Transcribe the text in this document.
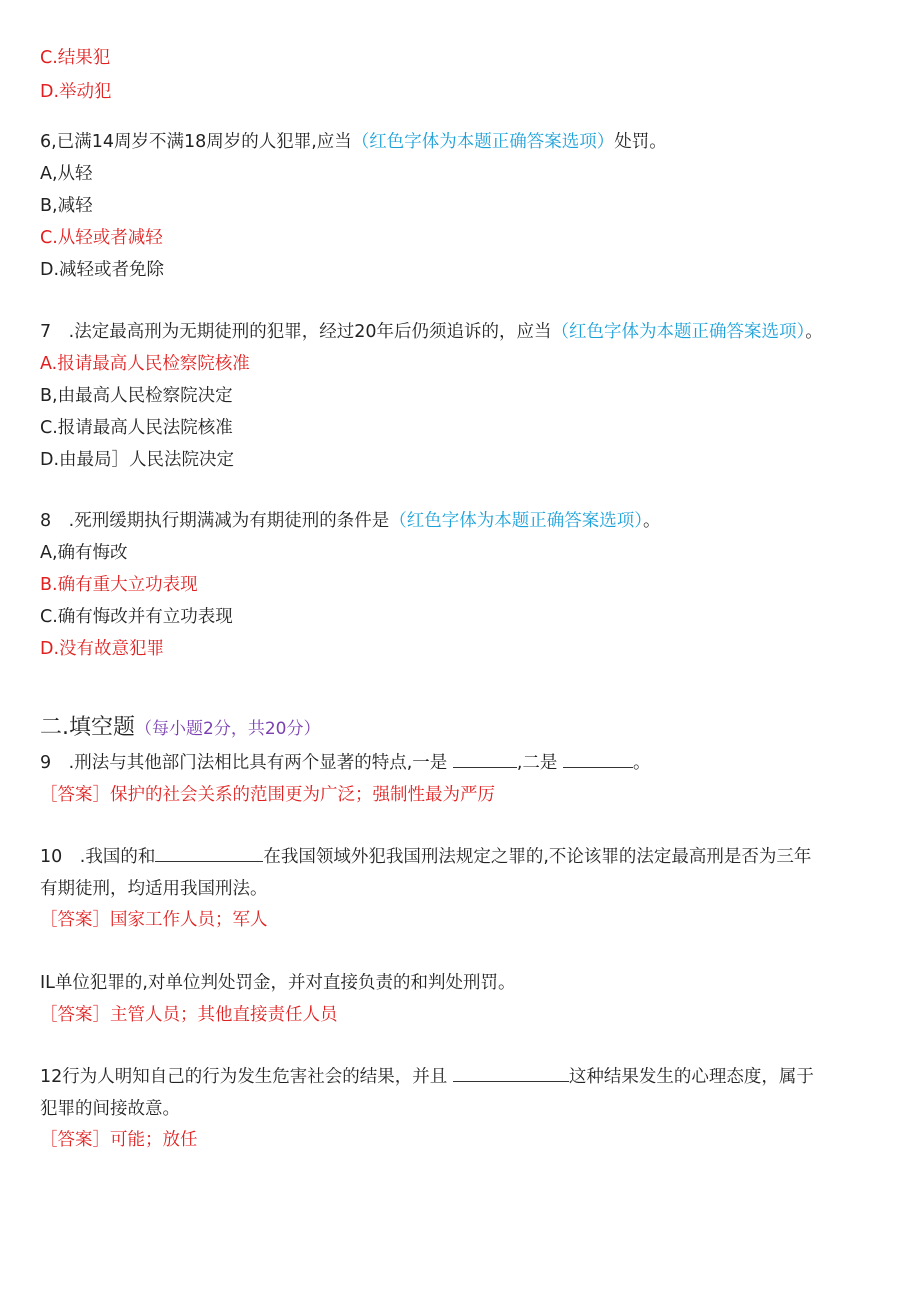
C.结果犯
D.举动犯
6,已满14周岁不满18周岁的人犯罪,应当（红色字体为本题正确答案选项）处罚。
A,从轻
B,减轻
C.从轻或者减轻
D.减轻或者免除
7　.法定最高刑为无期徒刑的犯罪，经过20年后仍须追诉的，应当（红色字体为本题正确答案选项）。
A.报请最高人民检察院核准
B,由最高人民检察院决定
C.报请最高人民法院核准
D.由最局］人民法院决定
8　.死刑缓期执行期满减为有期徒刑的条件是（红色字体为本题正确答案选项）。
A,确有悔改
B.确有重大立功表现
C.确有悔改并有立功表现
D.没有故意犯罪
二.填空题（每小题2分，共20分）
9　.刑法与其他部门法相比具有两个显著的特点,一是	,二是	。
［答案］保护的社会关系的范围更为广泛；强制性最为严厉
10　.我国的和	在我国领域外犯我国刑法规定之罪的,不论该罪的法定最高刑是否为三年
有期徒刑，均适用我国刑法。
［答案］国家工作人员；军人
IL单位犯罪的,对单位判处罚金，并对直接负责的和判处刑罚。
［答案］主管人员；其他直接责任人员
12行为人明知自己的行为发生危害社会的结果，并且	这种结果发生的心理态度，属于
犯罪的间接故意。
［答案］可能；放任
